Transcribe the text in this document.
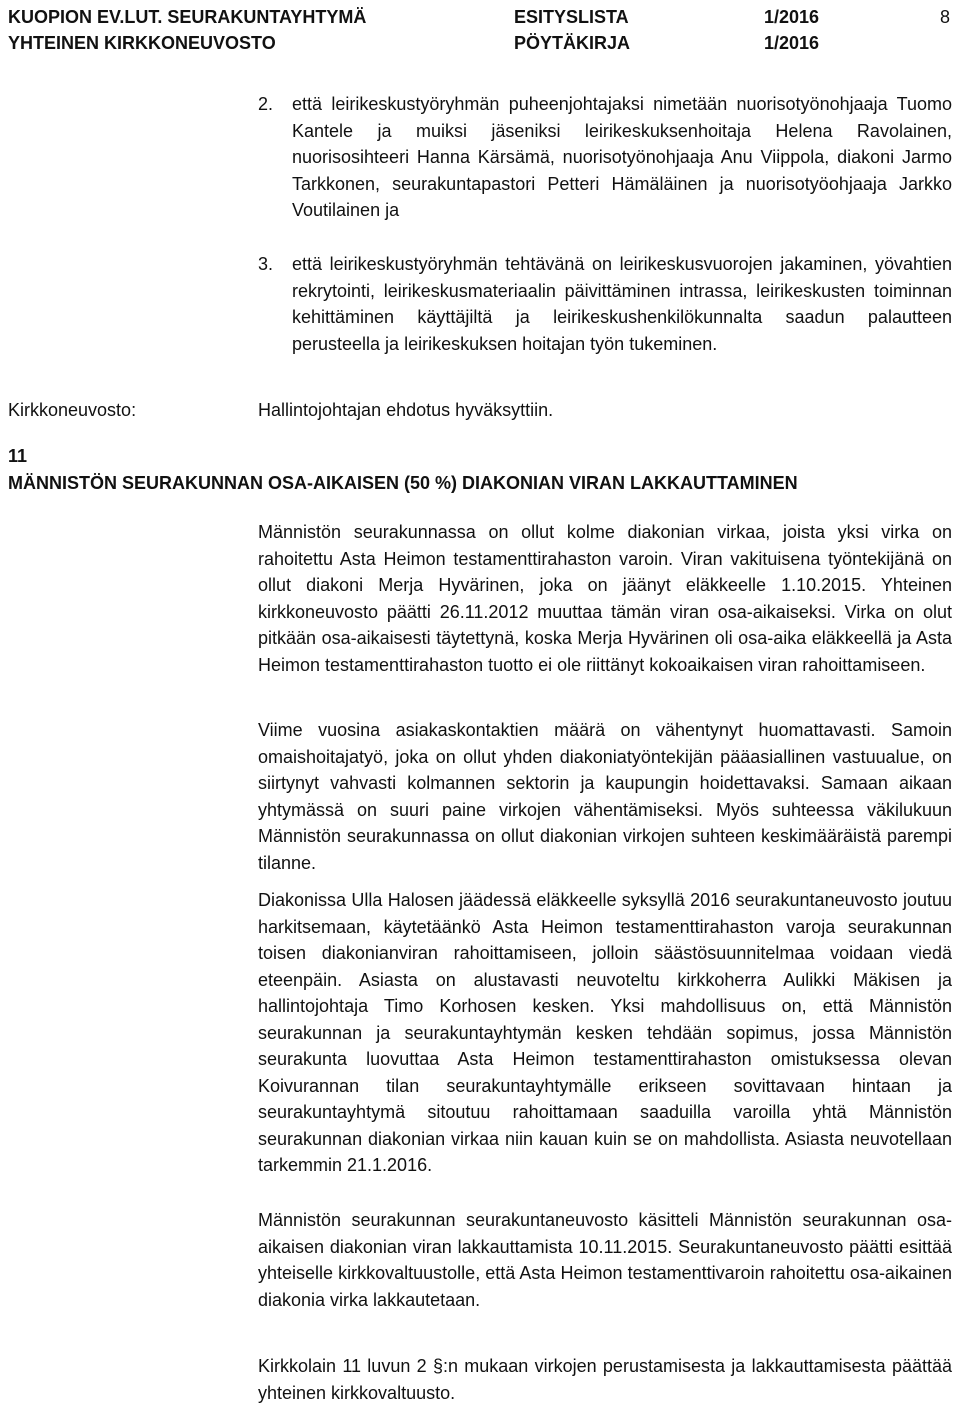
KUOPION EV.LUT. SEURAKUNTAYHTYMÄ
YHTEINEN KIRKKONEUVOSTO
ESITYSLISTA
PÖYTÄKIRJA
1/2016
1/2016
8
2. että leirikeskustyöryhmän puheenjohtajaksi nimetään nuorisotyönohjaaja Tuomo Kantele ja muiksi jäseniksi leirikeskuksenhoitaja Helena Ravolainen, nuorisosihteeri Hanna Kärsämä, nuorisotyönohjaaja Anu Viippola, diakoni Jarmo Tarkkonen, seurakuntapastori Petteri Hämäläinen ja nuorisotyöohjaaja Jarkko Voutilainen ja
3. että leirikeskustyöryhmän tehtävänä on leirikeskusvuorojen jakaminen, yövahtien rekrytointi, leirikeskusmateriaalin päivittäminen intrassa, leirikeskusten toiminnan kehittäminen käyttäjiltä ja leirikeskushenkilökunnalta saadun palautteen perusteella ja leirikeskuksen hoitajan työn tukeminen.
Kirkkoneuvosto:	Hallintojohtajan ehdotus hyväksyttiin.
11
MÄNNISTÖN SEURAKUNNAN OSA-AIKAISEN (50 %) DIAKONIAN VIRAN LAKKAUTTAMINEN
Männistön seurakunnassa on ollut kolme diakonian virkaa, joista yksi virka on rahoitettu Asta Heimon testamenttirahaston varoin. Viran vakituisena työntekijänä on ollut diakoni Merja Hyvärinen, joka on jäänyt eläkkeelle 1.10.2015. Yhteinen kirkkoneuvosto päätti 26.11.2012 muuttaa tämän viran osa-aikaiseksi. Virka on olut pitkään osa-aikaisesti täytettynä, koska Merja Hyvärinen oli osa-aika eläkkeellä ja Asta Heimon testamenttirahaston tuotto ei ole riittänyt kokoaikaisen viran rahoittamiseen.
Viime vuosina asiakaskontaktien määrä on vähentynyt huomattavasti. Samoin omaishoitajatyö, joka on ollut yhden diakoniatyöntekijän pääasiallinen vastuualue, on siirtynyt vahvasti kolmannen sektorin ja kaupungin hoidettavaksi. Samaan aikaan yhtymässä on suuri paine virkojen vähentämiseksi. Myös suhteessa väkilukuun Männistön seurakunnassa on ollut diakonian virkojen suhteen keskimääräistä parempi tilanne.
Diakonissa Ulla Halosen jäädessä eläkkeelle syksyllä 2016 seurakuntaneuvosto joutuu harkitsemaan, käytetäänkö Asta Heimon testamenttirahaston varoja seurakunnan toisen diakonianviran rahoittamiseen, jolloin säästösuunnitelmaa voidaan viedä eteenpäin. Asiasta on alustavasti neuvoteltu kirkkoherra Aulikki Mäkisen ja hallintojohtaja Timo Korhosen kesken. Yksi mahdollisuus on, että Männistön seurakunnan ja seurakuntayhtymän kesken tehdään sopimus, jossa Männistön seurakunta luovuttaa Asta Heimon testamenttirahaston omistuksessa olevan Koivurannan tilan seurakuntayhtymälle erikseen sovittavaan hintaan ja seurakuntayhtymä sitoutuu rahoittamaan saaduilla varoilla yhtä Männistön seurakunnan diakonian virkaa niin kauan kuin se on mahdollista. Asiasta neuvotellaan tarkemmin 21.1.2016.
Männistön seurakunnan seurakuntaneuvosto käsitteli Männistön seurakunnan osa-aikaisen diakonian viran lakkauttamista 10.11.2015. Seurakuntaneuvosto päätti esittää yhteiselle kirkkovaltuustolle, että Asta Heimon testamenttivarоin rahoitettu osa-aikainen diakonia virka lakkautetaan.
Kirkkolain 11 luvun 2 §:n mukaan virkojen perustamisesta ja lakkauttamisesta päättää yhteinen kirkkovaltuusto.
